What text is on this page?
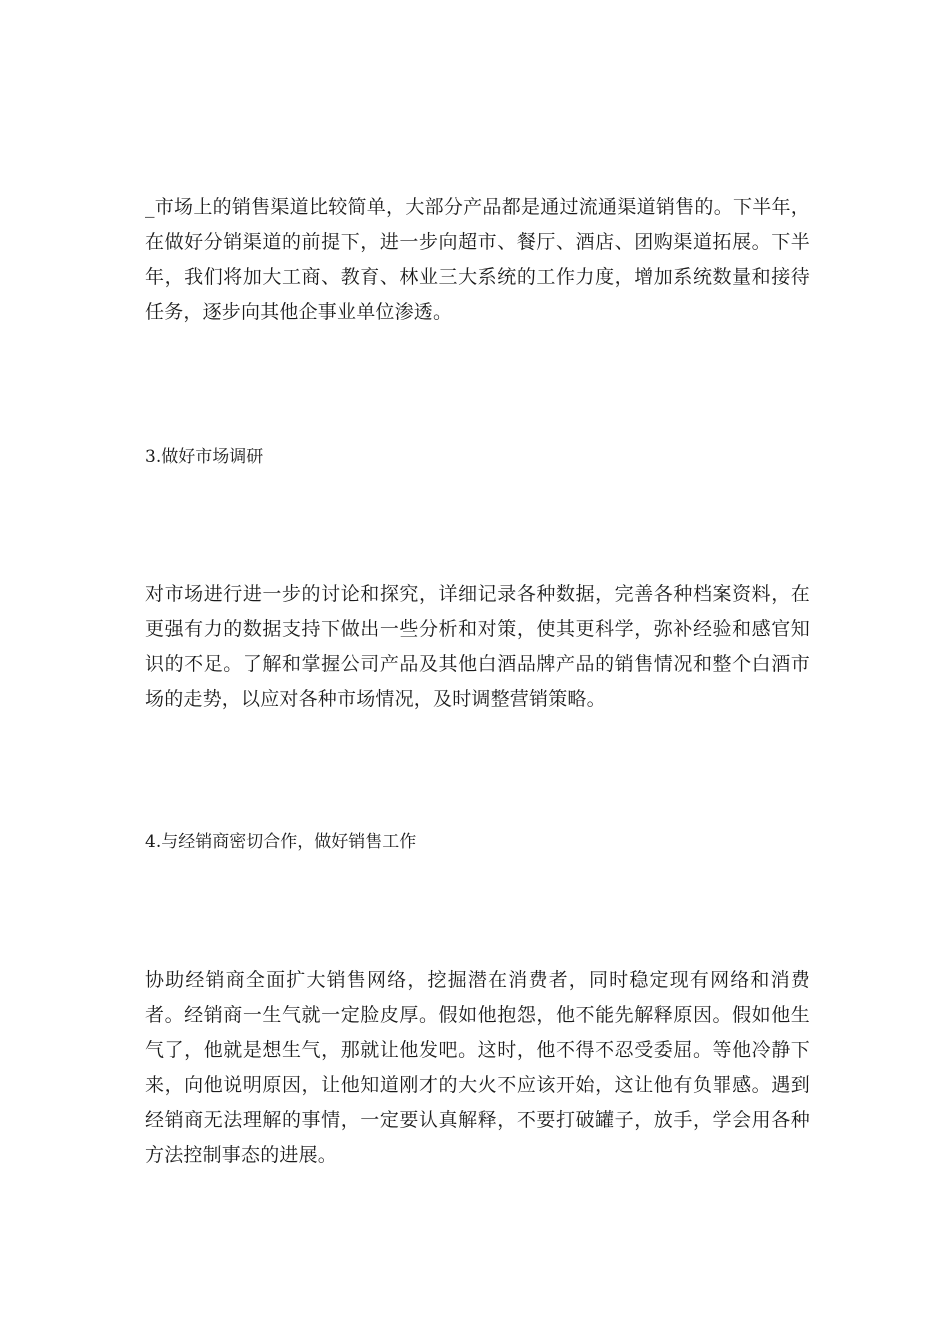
_市场上的销售渠道比较简单，大部分产品都是通过流通渠道销售的。下半年，在做好分销渠道的前提下，进一步向超市、餐厅、酒店、团购渠道拓展。下半年，我们将加大工商、教育、林业三大系统的工作力度，增加系统数量和接待任务，逐步向其他企事业单位渗透。

3.做好市场调研

对市场进行进一步的讨论和探究，详细记录各种数据，完善各种档案资料，在更强有力的数据支持下做出一些分析和对策，使其更科学，弥补经验和感官知识的不足。了解和掌握公司产品及其他白酒品牌产品的销售情况和整个白酒市场的走势，以应对各种市场情况，及时调整营销策略。

4.与经销商密切合作，做好销售工作

协助经销商全面扩大销售网络，挖掘潜在消费者，同时稳定现有网络和消费者。经销商一生气就一定脸皮厚。假如他抱怨，他不能先解释原因。假如他生气了，他就是想生气，那就让他发吧。这时，他不得不忍受委屈。等他冷静下来，向他说明原因，让他知道刚才的大火不应该开始，这让他有负罪感。遇到经销商无法理解的事情，一定要认真解释，不要打破罐子，放手，学会用各种方法控制事态的进展。
